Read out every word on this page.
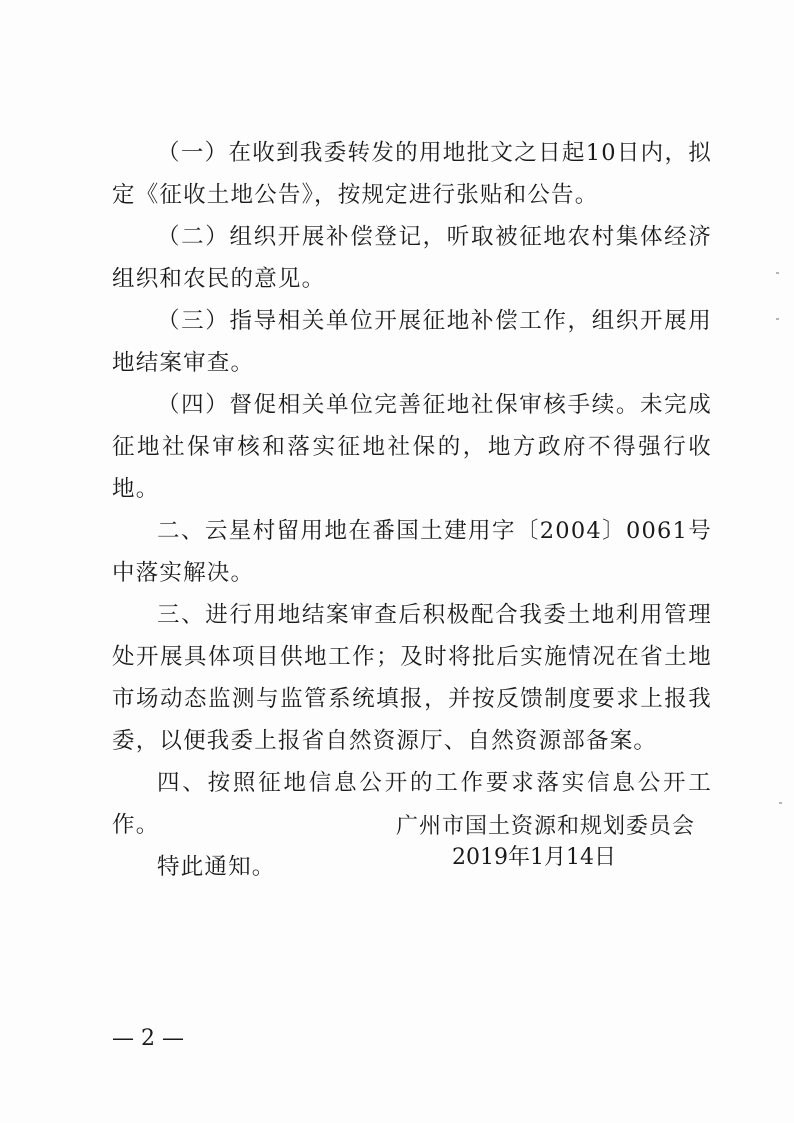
（一）在收到我委转发的用地批文之日起10日内，拟定《征收土地公告》，按规定进行张贴和公告。

（二）组织开展补偿登记，听取被征地农村集体经济组织和农民的意见。

（三）指导相关单位开展征地补偿工作，组织开展用地结案审查。

（四）督促相关单位完善征地社保审核手续。未完成征地社保审核和落实征地社保的，地方政府不得强行收地。

二、云星村留用地在番国土建用字〔2004〕0061号中落实解决。

三、进行用地结案审查后积极配合我委土地利用管理处开展具体项目供地工作；及时将批后实施情况在省土地市场动态监测与监管系统填报，并按反馈制度要求上报我委，以便我委上报省自然资源厅、自然资源部备案。

四、按照征地信息公开的工作要求落实信息公开工作。

特此通知。

广州市国土资源和规划委员会
2019年1月14日
— 2 —
